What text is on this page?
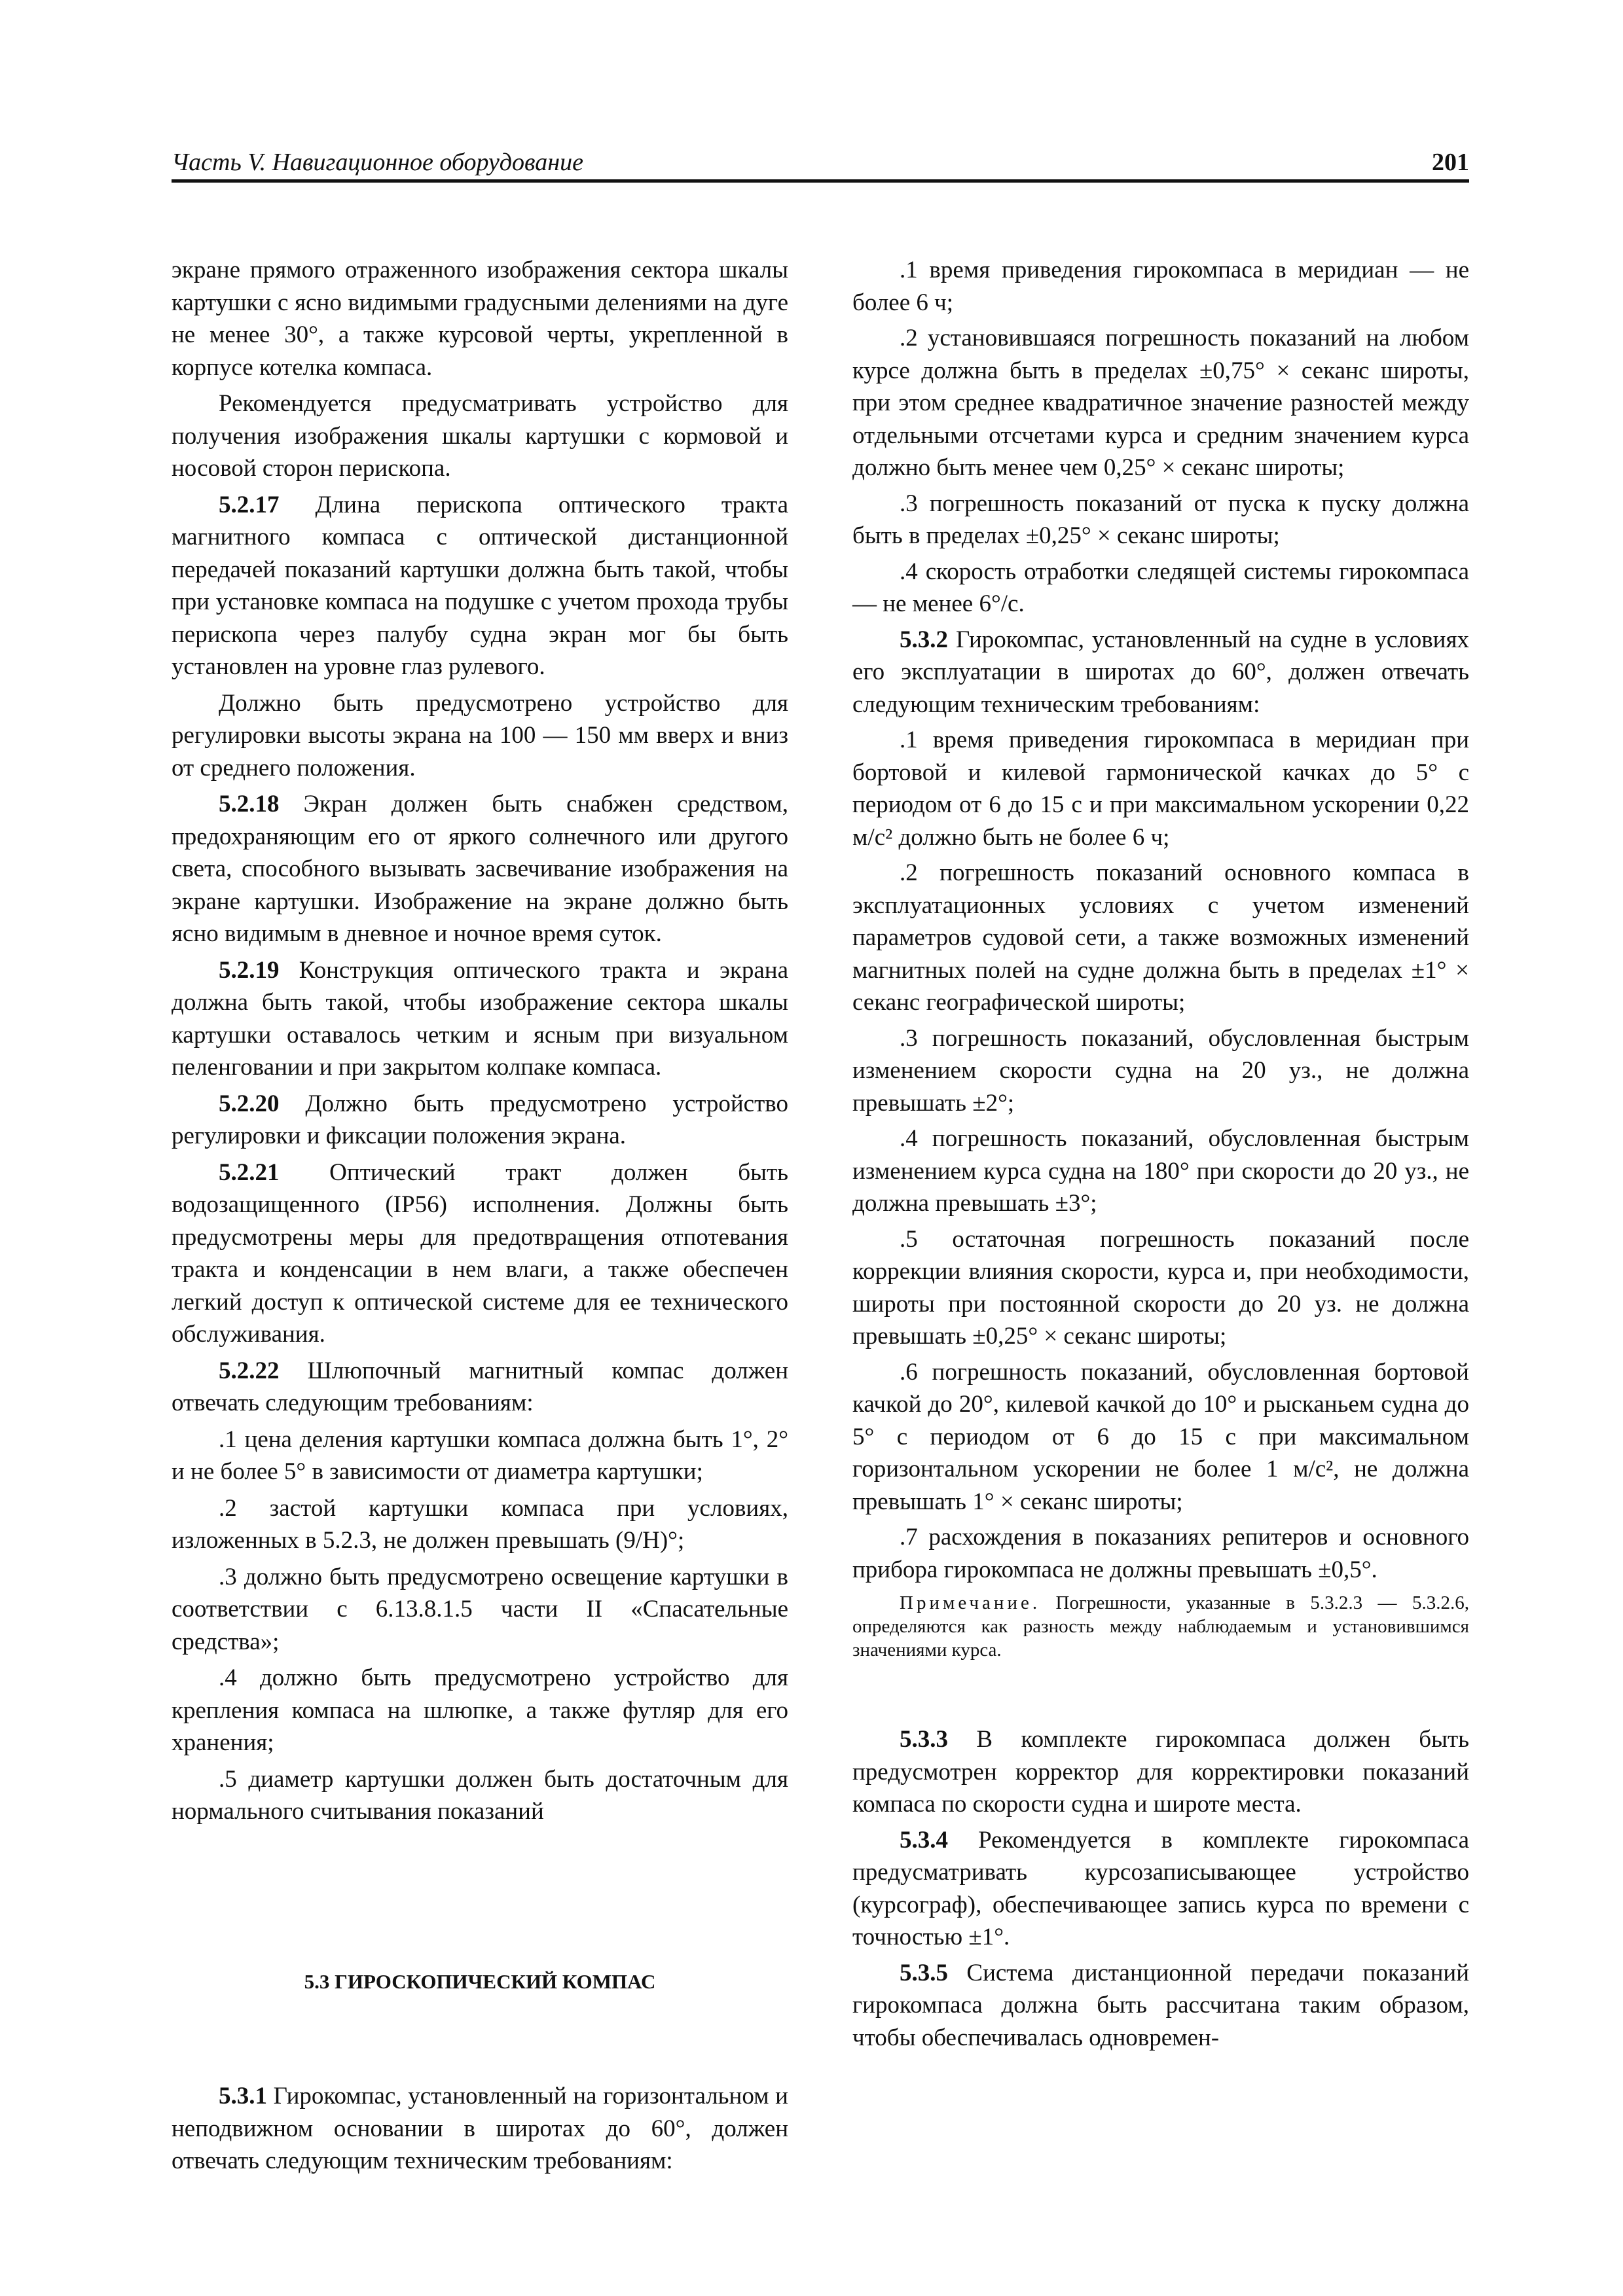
Часть V. Навигационное оборудование	201

экране прямого отраженного изображения сектора шкалы картушки с ясно видимыми градусными делениями на дуге не менее 30°, а также курсовой черты, укрепленной в корпусе котелка компаса.

Рекомендуется предусматривать устройство для получения изображения шкалы картушки с кормовой и носовой сторон перископа.

5.2.17 Длина перископа оптического тракта магнитного компаса с оптической дистанционной передачей показаний картушки должна быть такой, чтобы при установке компаса на подушке с учетом прохода трубы перископа через палубу судна экран мог бы быть установлен на уровне глаз рулевого.

Должно быть предусмотрено устройство для регулировки высоты экрана на 100 — 150 мм вверх и вниз от среднего положения.

5.2.18 Экран должен быть снабжен средством, предохраняющим его от яркого солнечного или другого света, способного вызывать засвечивание изображения на экране картушки. Изображение на экране должно быть ясно видимым в дневное и ночное время суток.

5.2.19 Конструкция оптического тракта и экрана должна быть такой, чтобы изображение сектора шкалы картушки оставалось четким и ясным при визуальном пеленговании и при закрытом колпаке компаса.

5.2.20 Должно быть предусмотрено устройство регулировки и фиксации положения экрана.

5.2.21 Оптический тракт должен быть водозащищенного (IP56) исполнения. Должны быть предусмотрены меры для предотвращения отпотевания тракта и конденсации в нем влаги, а также обеспечен легкий доступ к оптической системе для ее технического обслуживания.

5.2.22 Шлюпочный магнитный компас должен отвечать следующим требованиям:

.1 цена деления картушки компаса должна быть 1°, 2° и не более 5° в зависимости от диаметра картушки;

.2 застой картушки компаса при условиях, изложенных в 5.2.3, не должен превышать (9/H)°;

.3 должно быть предусмотрено освещение картушки в соответствии с 6.13.8.1.5 части II «Спасательные средства»;

.4 должно быть предусмотрено устройство для крепления компаса на шлюпке, а также футляр для его хранения;

.5 диаметр картушки должен быть достаточным для нормального считывания показаний

5.3 ГИРОСКОПИЧЕСКИЙ КОМПАС

5.3.1 Гирокомпас, установленный на горизонтальном и неподвижном основании в широтах до 60°, должен отвечать следующим техническим требованиям:

.1 время приведения гирокомпаса в меридиан — не более 6 ч;

.2 установившаяся погрешность показаний на любом курсе должна быть в пределах ±0,75° × секанс широты, при этом среднее квадратичное значение разностей между отдельными отсчетами курса и средним значением курса должно быть менее чем 0,25° × секанс широты;

.3 погрешность показаний от пуска к пуску должна быть в пределах ±0,25° × секанс широты;

.4 скорость отработки следящей системы гирокомпаса — не менее 6°/с.

5.3.2 Гирокомпас, установленный на судне в условиях его эксплуатации в широтах до 60°, должен отвечать следующим техническим требованиям:

.1 время приведения гирокомпаса в меридиан при бортовой и килевой гармонической качках до 5° с периодом от 6 до 15 с и при максимальном ускорении 0,22 м/с² должно быть не более 6 ч;

.2 погрешность показаний основного компаса в эксплуатационных условиях с учетом изменений параметров судовой сети, а также возможных изменений магнитных полей на судне должна быть в пределах ±1° × секанс географической широты;

.3 погрешность показаний, обусловленная быстрым изменением скорости судна на 20 уз., не должна превышать ±2°;

.4 погрешность показаний, обусловленная быстрым изменением курса судна на 180° при скорости до 20 уз., не должна превышать ±3°;

.5 остаточная погрешность показаний после коррекции влияния скорости, курса и, при необходимости, широты при постоянной скорости до 20 уз. не должна превышать ±0,25° × секанс широты;

.6 погрешность показаний, обусловленная бортовой качкой до 20°, килевой качкой до 10° и рысканьем судна до 5° с периодом от 6 до 15 с при максимальном горизонтальном ускорении не более 1 м/с², не должна превышать 1° × секанс широты;

.7 расхождения в показаниях репитеров и основного прибора гирокомпаса не должны превышать ±0,5°.

Примечание. Погрешности, указанные в 5.3.2.3 — 5.3.2.6, определяются как разность между наблюдаемым и установившимся значениями курса.

5.3.3 В комплекте гирокомпаса должен быть предусмотрен корректор для корректировки показаний компаса по скорости судна и широте места.

5.3.4 Рекомендуется в комплекте гирокомпаса предусматривать курсозаписывающее устройство (курсограф), обеспечивающее запись курса по времени с точностью ±1°.

5.3.5 Система дистанционной передачи показаний гирокомпаса должна быть рассчитана таким образом, чтобы обеспечивалась одновремен-
